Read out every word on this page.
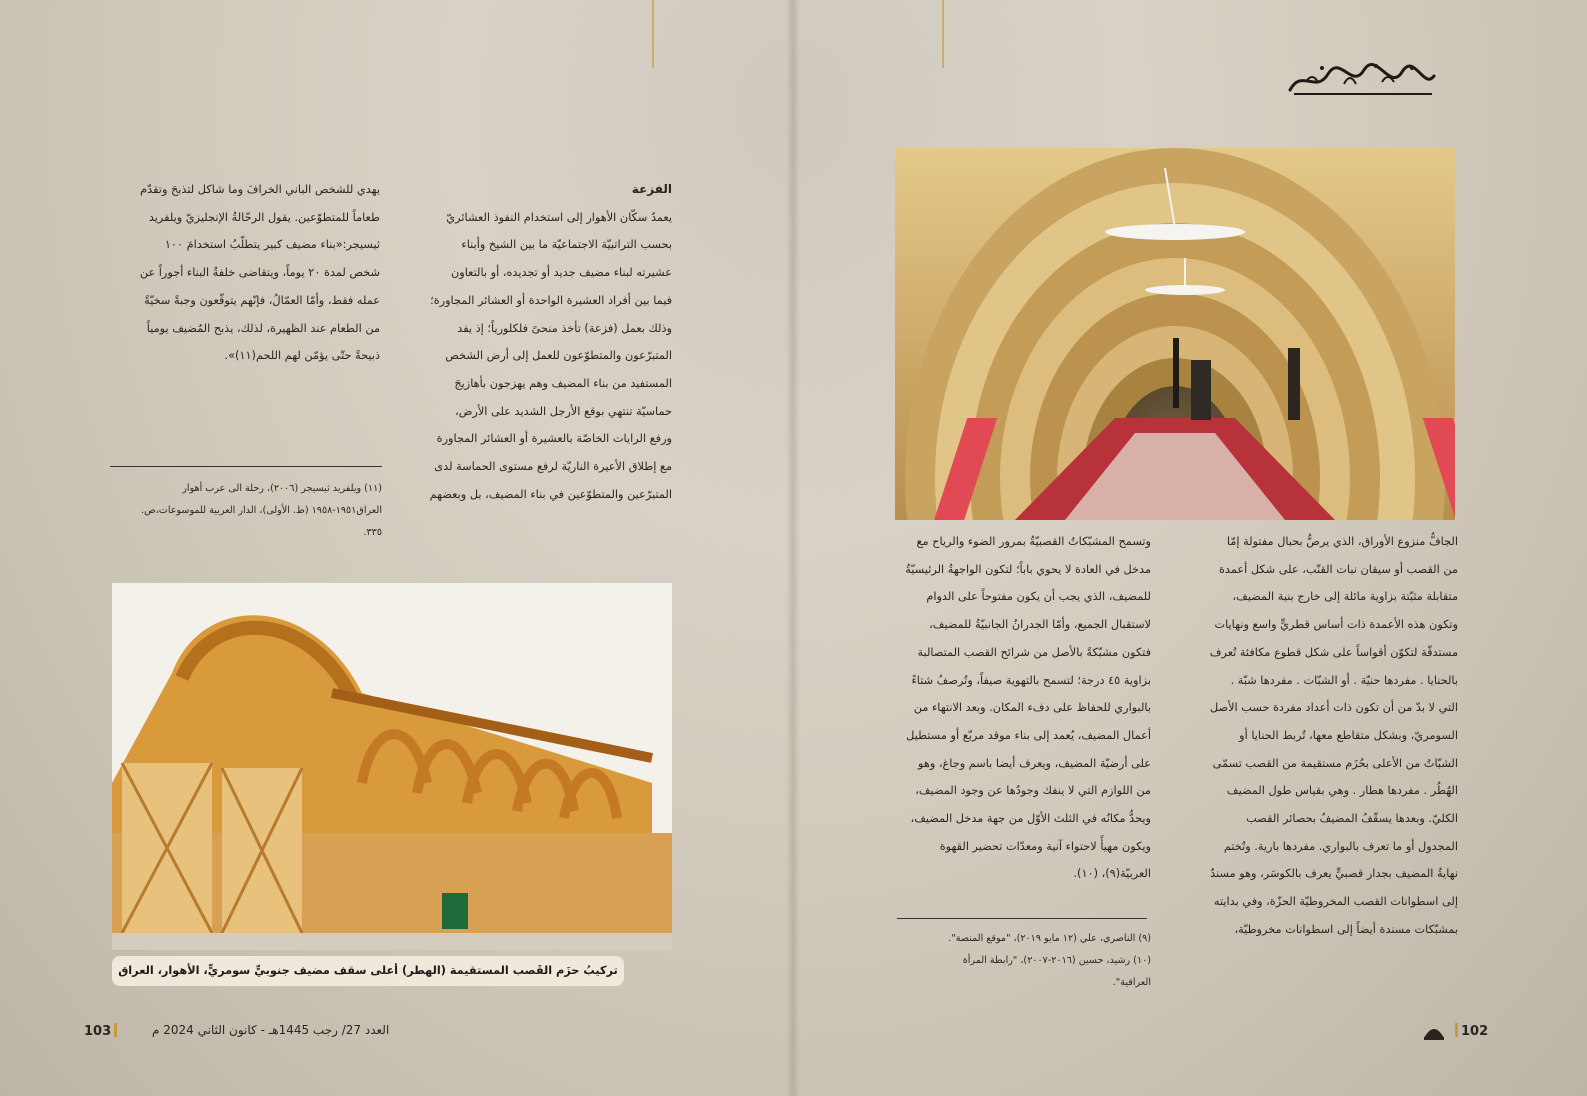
الجافُّ منزوع الأوراق، الذي يرصُّ بحبال مفتولة إمّا

من القصب أو سيقان نبات القنّب، على شكل أعمدة

متقابلة مثبّتة بزاوية مائلة إلى خارج بنية المضيف،

وتكون هذه الأعمدة ذات أساس قطريٍّ واسع ونهايات

مستدقّة لتكوّن أقواساً على شكل قطوع مكافئة تُعرف

بالحنايا . مفردها حنيّة . أو الشبّات . مفردها شبّة .

التي لا بدّ من أن تكون ذات أعداد مفردة حسب الأصل

السومريّ، وبشكل متقاطع معها، تُربط الحنايا أو

الشبّاتُ من الأعلى بحُزَم مستقيمة من القصب تسمّى

الهُطُر . مفردها هطار . وهي بقياس طول المضيف

الكليّ. وبعدها يسقّفُ المضيفُ بحصائر القصب

المجدول أو ما تعرف بالبواري. مفردها بارية. وتُختم

نهايةُ المضيف بجدار قصبيٍّ يعرف بالكوسَر، وهو مسندٌ

إلى اسطوانات القصب المخروطيّة الحزّة، وفي بدايته

بمشبّكات مسندة أيضاً إلى اسطوانات مخروطيّة،

وتسمح المشبّكاتُ القصبيّةُ بمرور الضوء والرياح مع

مدخل في العادة لا يحوي باباً؛ لتكون الواجهةُ الرئيسيّةُ

للمضيف، الذي يجب أن يكون مفتوحاً على الدوام

لاستقبال الجميع، وأمّا الجدرانُ الجانبيّةُ للمضيف،

فتكون مشبّكةً بالأصل من شرائح القصب المتصالبة

بزاوية ٤٥ درجة؛ لتسمح بالتهوية صيفاً، وتُرصفُ شتاءً

بالبواري للحفاظ على دفء المكان. وبعد الانتهاء من

أعمال المضيف، يُعمد إلى بناء موقد مربّع أو مستطيل

على أرضيّة المضيف، ويعرف أيضا باسم وجاغ، وهو

من اللوازم التي لا ينفك وجودُها عن وجود المضيف،

ويحدُّ مكانُه في الثلث الأوّل من جهة مدخل المضيف،

ويكون مهيأً لاحتواء آنية ومعدّات تحضير القهوة

العربيّة(٩)، (١٠).

(٩) الناصري، علي (١٢ مايو ٢٠١٩)، "موقع المنصة".
(١٠) رشيد، حسين (٢٠١٦-٢٠٠٧)، "رابطة المرأة
العراقية".

الفزعة

يعمدُ سكّان الأهوار إلى استخدام النفوذ العشائريّ

بحسب التراتبيّة الاجتماعيّة ما بين الشيخ وأبناء

عشيرته لبناء مضيف جديد أو تجديده، أو بالتعاون

فيما بين أفراد العشيرة الواحدة أو العشائر المجاورة؛

وذلك بعمل (فزعة) تأخذ منحىً فلكلورياً؛ إذ يفد

المتبرّعون والمتطوّعون للعمل إلى أرض الشخص

المستفيد من بناء المضيف وهم يهزجون بأهازيجَ

حماسيّة تنتهي بوقع الأرجل الشديد على الأرض،

ورفع الرايات الخاصّة بالعشيرة أو العشائر المجاورة

مع إطلاق الأعيرة الناريّة لرفع مستوى الحماسة لدى

المتبرّعين والمتطوّعين في بناء المضيف، بل وبعضهم

يهدي للشخص الباني الخرافَ وما شاكل لتذبحَ وتقدّم

طعاماً للمتطوّعين. يقول الرحّالةُ الإنجليزيّ ويلفريد

ثيسيجر:«بناء مضيف كبير يتطلّبُ استخدامَ ١٠٠

شخص لمدة ٢٠ يوماً، ويتقاضى خلفةُ البناء أجوراً عن

عمله فقط، وأمّا العمّالُ، فإنّهم يتوقّعون وجبةً سخيّةً

من الطعام عند الظهيرة، لذلك، يذبح المُضيف يومياً

ذبيحةً حتّى يؤمّن لهم اللحم(١١)».

(١١) ويلفريد ثيسيجر (٢٠٠٦)، رحلة الى عرب أهوار
العراق١٩٥١-١٩٥٨ (ط. الأولى)، الدار العربية للموسوعات،ص.
٣٣٥.
تركيبُ حزَم القَصب المستقيمة (الهطر) أعلى سقف مضيف جنوبيٍّ سومريٍّ، الأهوار، العراق
103	العدد 27/ رجب 1445هـ - كانون الثاني 2024 م	102
